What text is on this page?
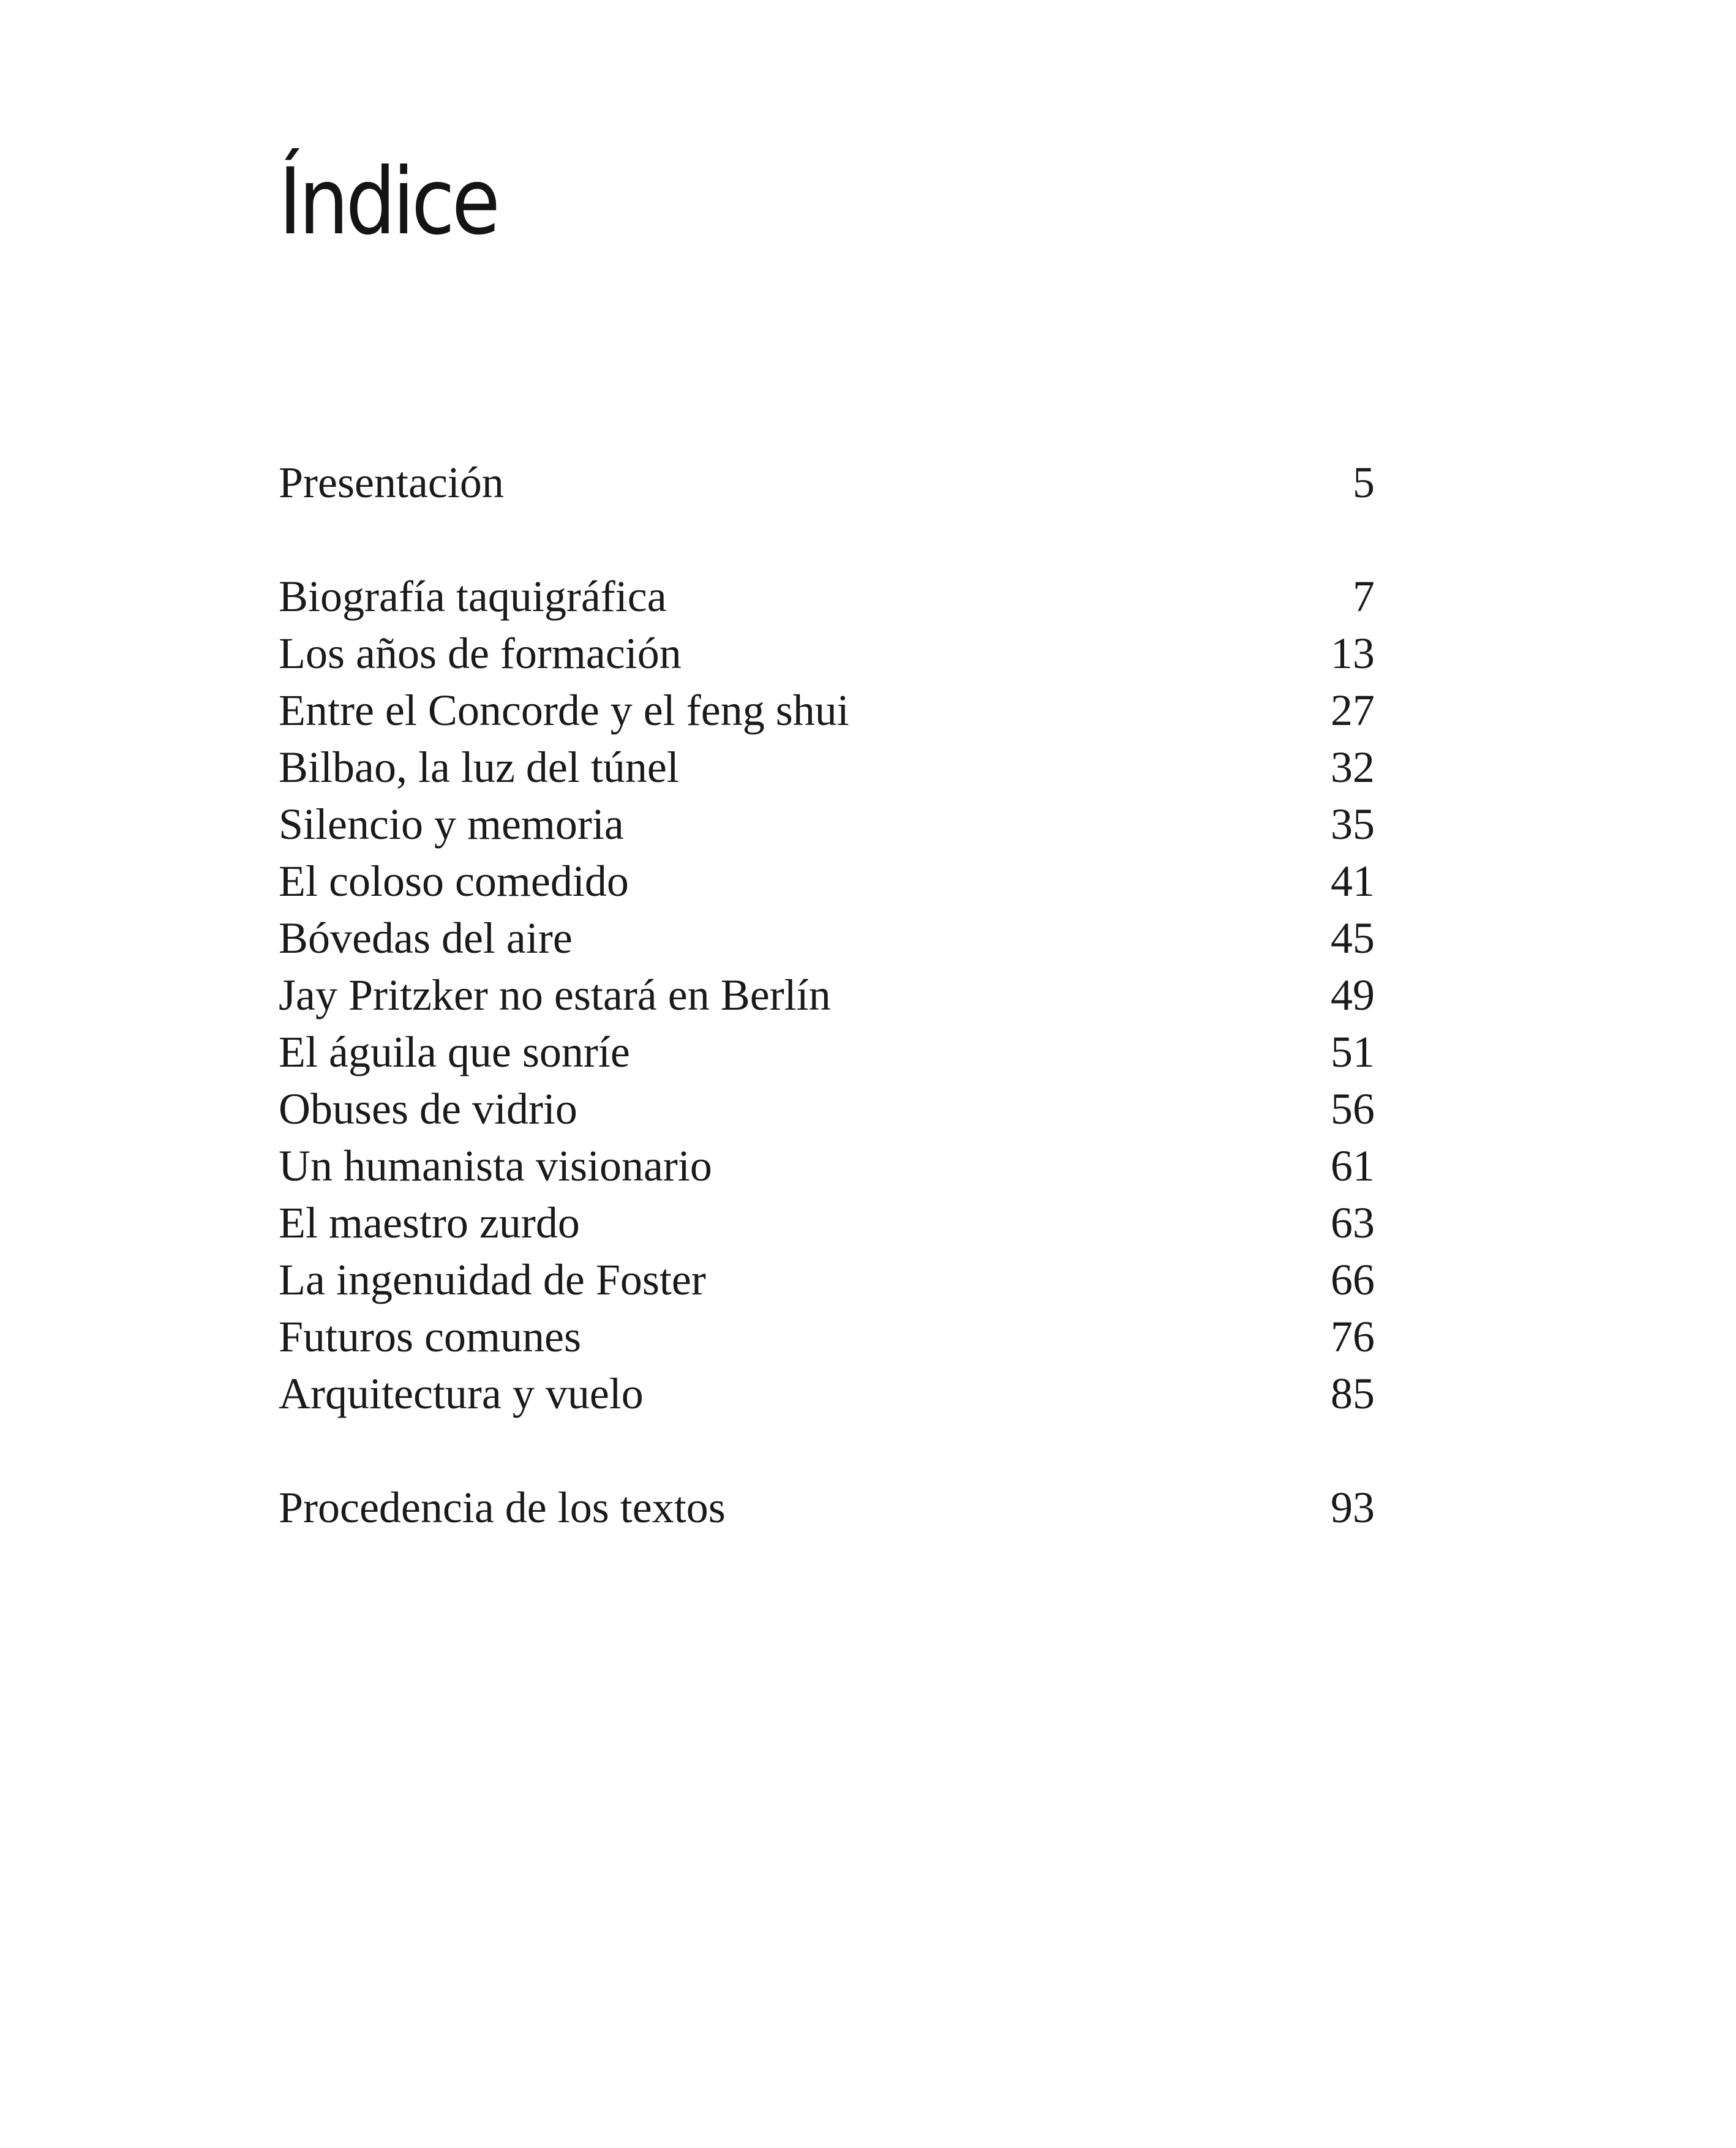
Índice
Presentación	5
Biografía taquigráfica	7
Los años de formación	13
Entre el Concorde y el feng shui	27
Bilbao, la luz del túnel	32
Silencio y memoria	35
El coloso comedido	41
Bóvedas del aire	45
Jay Pritzker no estará en Berlín	49
El águila que sonríe	51
Obuses de vidrio	56
Un humanista visionario	61
El maestro zurdo	63
La ingenuidad de Foster	66
Futuros comunes	76
Arquitectura y vuelo	85
Procedencia de los textos	93
